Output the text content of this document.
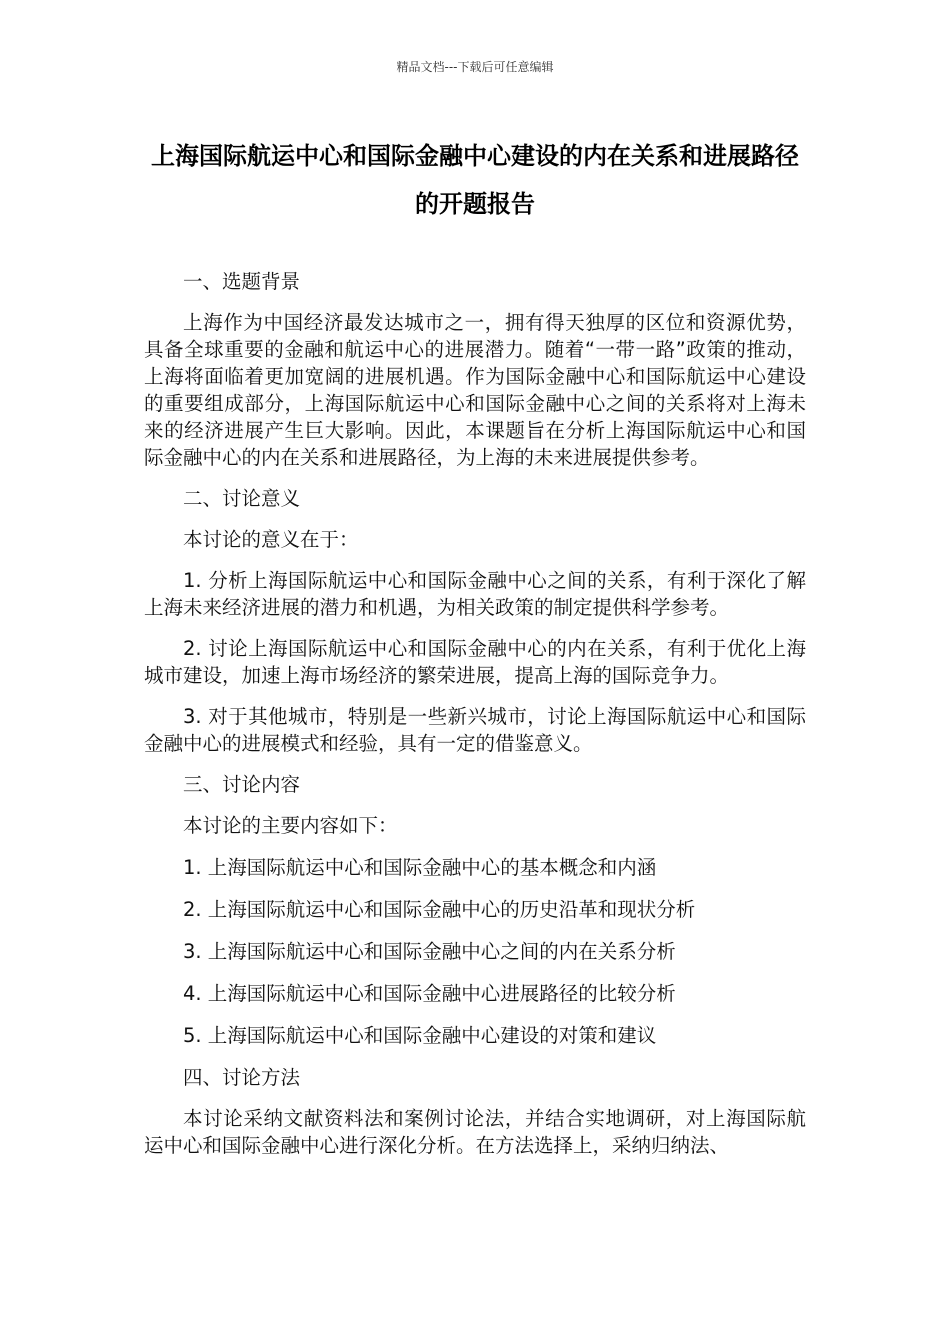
精品文档---下载后可任意编辑
上海国际航运中心和国际金融中心建设的内在关系和进展路径的开题报告

一、选题背景

上海作为中国经济最发达城市之一，拥有得天独厚的区位和资源优势，具备全球重要的金融和航运中心的进展潜力。随着“一带一路”政策的推动，上海将面临着更加宽阔的进展机遇。作为国际金融中心和国际航运中心建设的重要组成部分，上海国际航运中心和国际金融中心之间的关系将对上海未来的经济进展产生巨大影响。因此，本课题旨在分析上海国际航运中心和国际金融中心的内在关系和进展路径，为上海的未来进展提供参考。

二、讨论意义

本讨论的意义在于：

1. 分析上海国际航运中心和国际金融中心之间的关系，有利于深化了解上海未来经济进展的潜力和机遇，为相关政策的制定提供科学参考。

2. 讨论上海国际航运中心和国际金融中心的内在关系，有利于优化上海城市建设，加速上海市场经济的繁荣进展，提高上海的国际竞争力。

3. 对于其他城市，特别是一些新兴城市，讨论上海国际航运中心和国际金融中心的进展模式和经验，具有一定的借鉴意义。

三、讨论内容

本讨论的主要内容如下：

1. 上海国际航运中心和国际金融中心的基本概念和内涵

2. 上海国际航运中心和国际金融中心的历史沿革和现状分析

3. 上海国际航运中心和国际金融中心之间的内在关系分析

4. 上海国际航运中心和国际金融中心进展路径的比较分析

5. 上海国际航运中心和国际金融中心建设的对策和建议

四、讨论方法

本讨论采纳文献资料法和案例讨论法，并结合实地调研，对上海国际航运中心和国际金融中心进行深化分析。在方法选择上，采纳归纳法、
